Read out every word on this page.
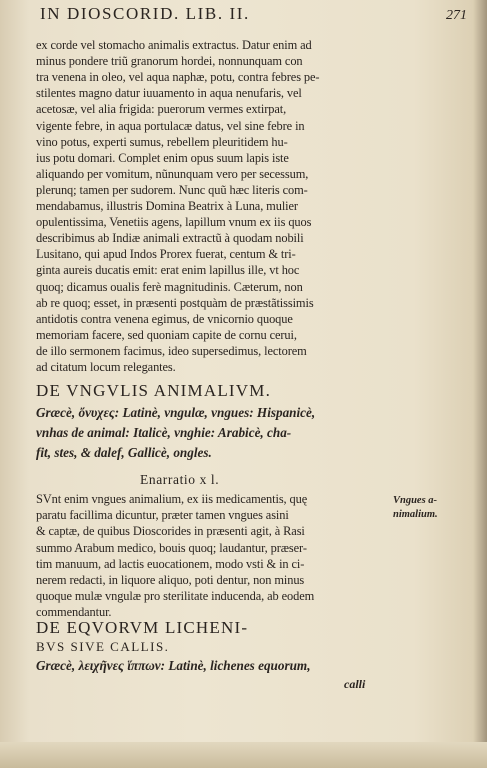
IN DIOSCORID. LIB. II.	271
ex corde vel stomacho animalis extractus. Datur enim ad
minus pondere triũ granorum hordei, nonnunquam con
tra venena in oleo, vel aqua naphæ, potu, contra febres pe-
stilentes magno datur iuuamento in aqua nenufaris, vel
acetosæ, vel alia frigida: puerorum vermes extirpat,
vigente febre, in aqua portulacæ datus, vel sine febre in
vino potus, experti sumus, rebellem pleuritidem hu-
ius potu domari. Complet enim opus suum lapis iste
aliquando per vomitum, nũnunquam vero per secessum,
plerunq; tamen per sudorem. Nunc quũ hæc literis com-
mendabamus, illustris Domina Beatrix à Luna, mulier
opulentissima, Venetiis agens, lapillum vnum ex iis quos
describimus ab Indiæ animali extractũ à quodam nobili
Lusitano, qui apud Indos Prorex fuerat, centum & tri-
ginta aureis ducatis emit: erat enim lapillus ille, vt hoc
quoq; dicamus oualis ferè magnitudinis. Cæterum, non
ab re quoq; esset, in præsenti postquàm de præstãtissimis
antidotis contra venena egimus, de vnicornio quoque
memoriam facere, sed quoniam capite de cornu cerui,
de illo sermonem facimus, ideo supersedimus, lectorem
ad citatum locum relegantes.
DE VNGVLIS ANIMALIVM.
Græcè, ὄνυχες: Latinè, vngulæ, vngues: Hispanicè,
vnhas de animal: Italicè, vnghie: Arabicè, cha-
fit, stes, & dalef, Gallicè, ongles.
Enarratio x l.
SVnt enim vngues animalium, ex iis medicamentis, quę
paratu facillima dicuntur, præter tamen vngues asini
& captæ, de quibus Dioscorides in præsenti agit, à Rasi
summo Arabum medico, bouis quoq; laudantur, præser-
tim manuum, ad lactis euocationem, modo vsti & in ci-
nerem redacti, in liquore aliquo, poti dentur, non minus
quoque mulæ vngulæ pro sterilitate inducenda, ab eodem
commendantur.
Vngues a-
nimalium.
DE EQVORVM LICHENI-
BVS SIVE CALLIS.
Græcè, λειχῆνες ἵππων: Latinè, lichenes equorum,
calli
